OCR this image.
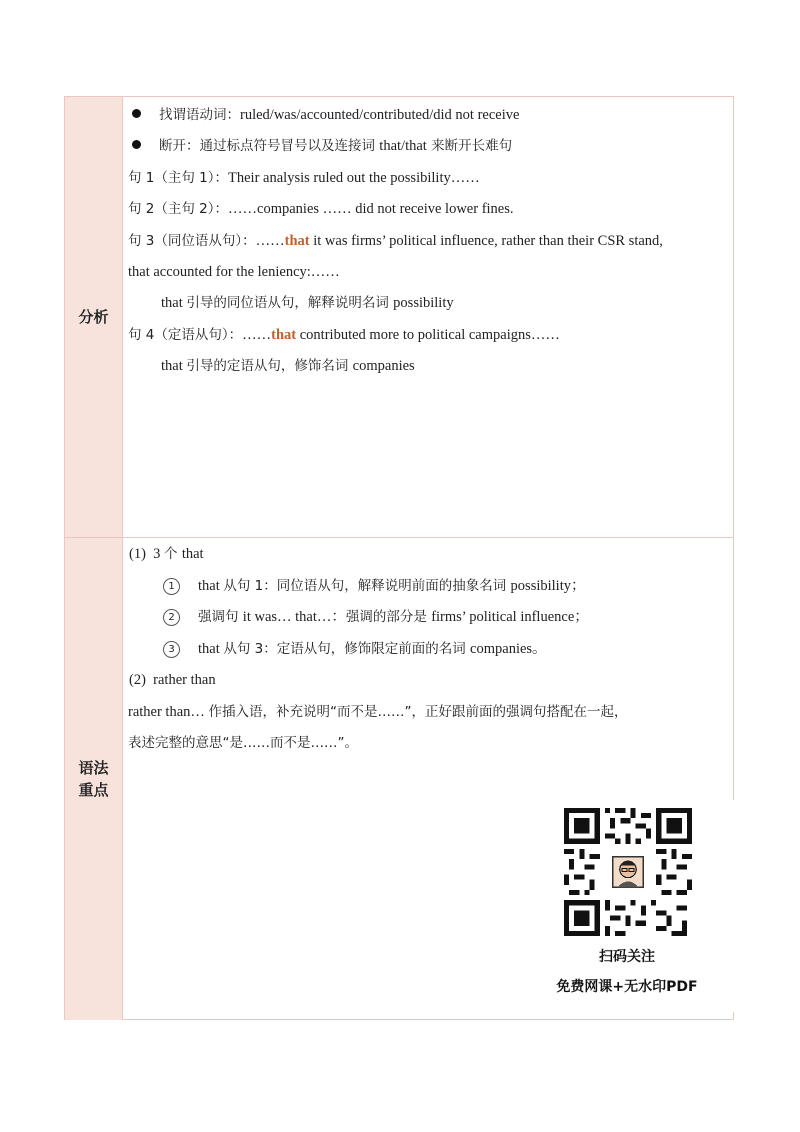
分析
找谓语动词：ruled/was/accounted/contributed/did not receive
断开：通过标点符号冒号以及连接词 that/that 来断开长难句
句 1（主句 1）：Their analysis ruled out the possibility……
句 2（主句 2）：……companies …… did not receive lower fines.
句 3（同位语从句）：……that it was firms’ political influence, rather than their CSR stand,
that accounted for the leniency:……
that 引导的同位语从句，解释说明名词 possibility
句 4（定语从句）：……that contributed more to political campaigns……
that 引导的定语从句，修饰名词 companies
语法
重点
(1) 3 个 that
1 that 从句 1：同位语从句，解释说明前面的抽象名词 possibility；
2 强调句 it was… that…：强调的部分是 firms’ political influence；
3 that 从句 3：定语从句，修饰限定前面的名词 companies。
(2) rather than
rather than… 作插入语，补充说明“而不是……”，正好跟前面的强调句搭配在一起，
表述完整的意思“是……而不是……”。
扫码关注
免费网课+无水印PDF
